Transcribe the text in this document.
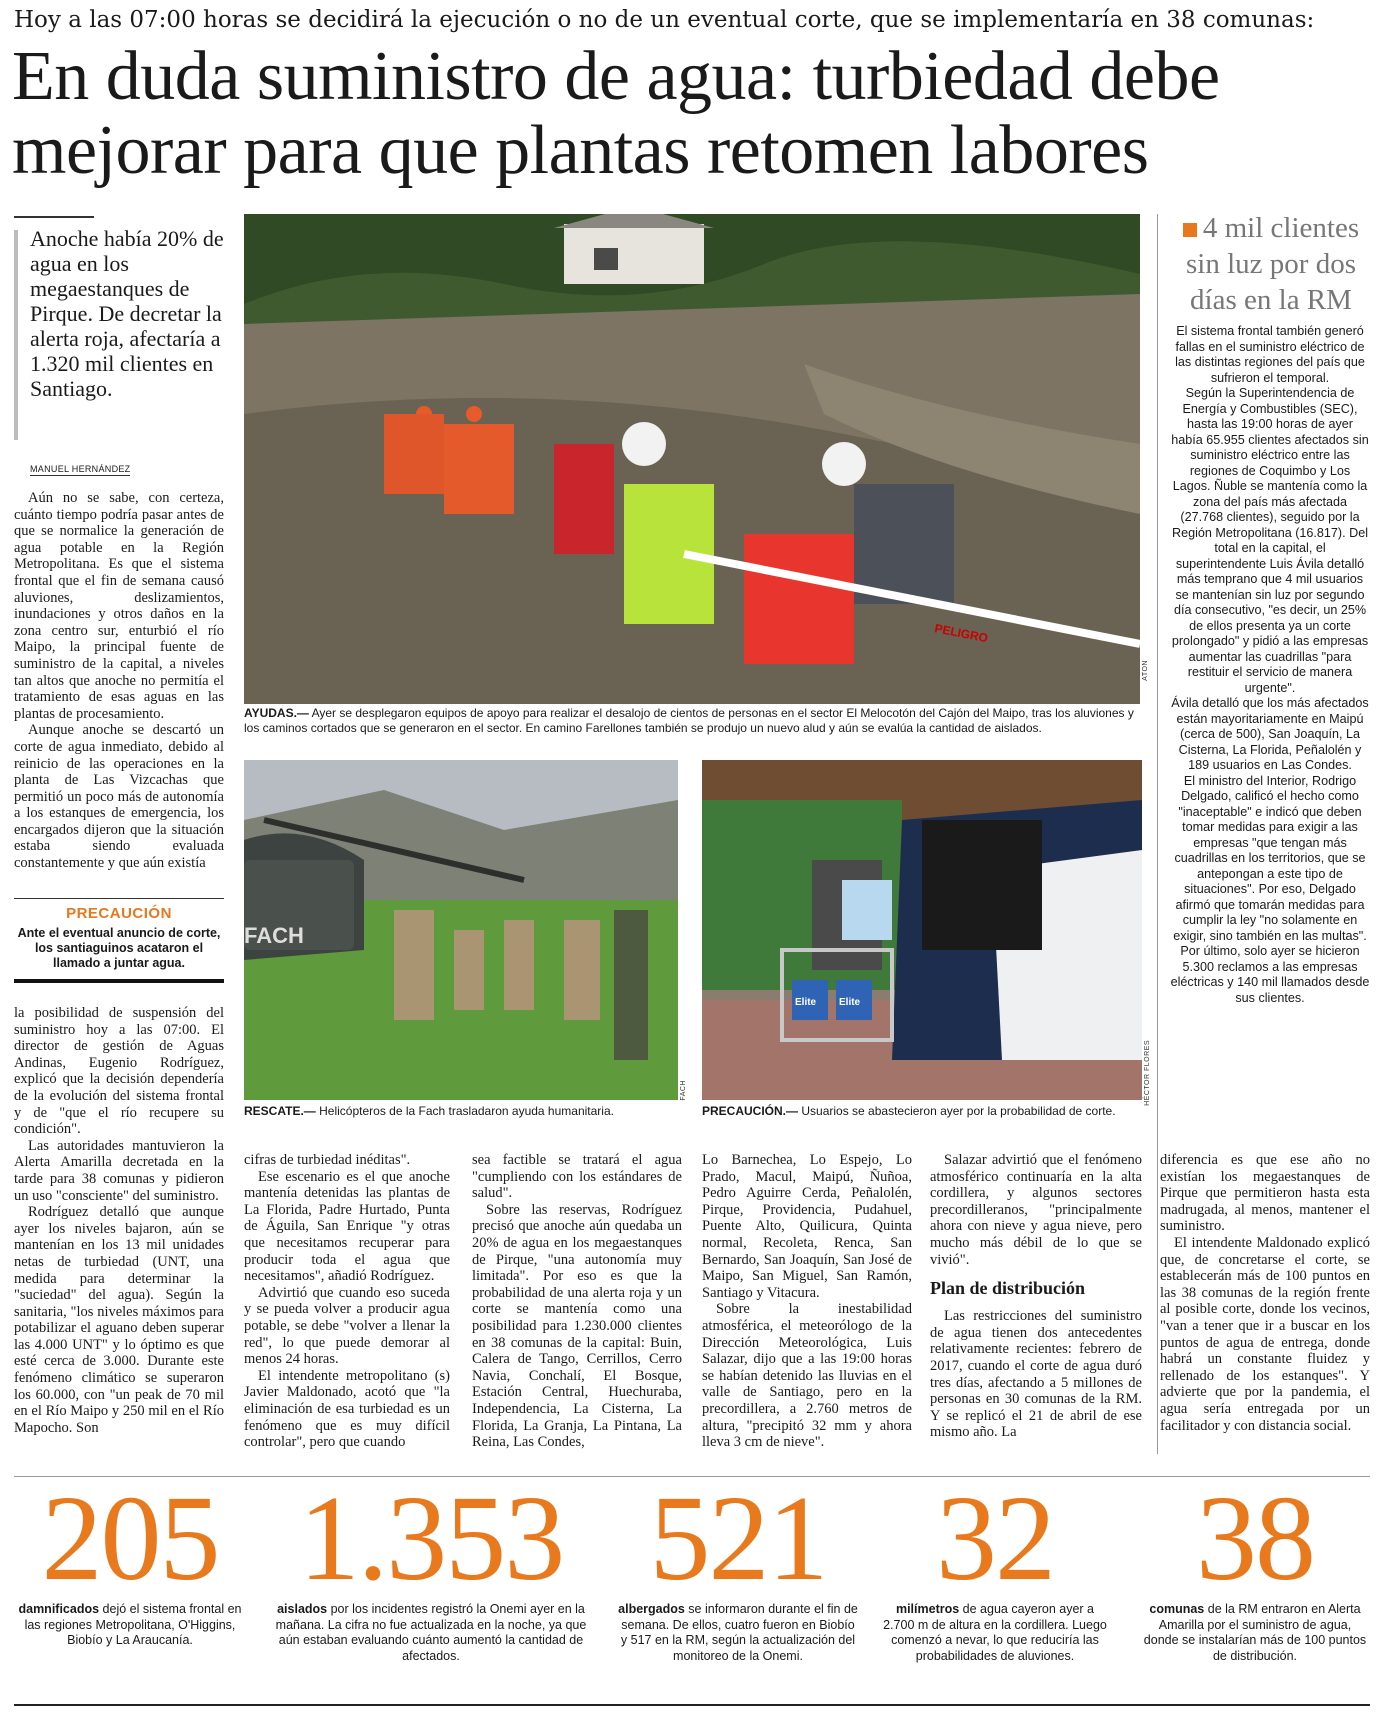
Hoy a las 07:00 horas se decidirá la ejecución o no de un eventual corte, que se implementaría en 38 comunas:
En duda suministro de agua: turbiedad debe mejorar para que plantas retomen labores
Anoche había 20% de agua en los megaestanques de Pirque. De decretar la alerta roja, afectaría a 1.320 mil clientes en Santiago.
MANUEL HERNÁNDEZ

Aún no se sabe, con certeza, cuánto tiempo podría pasar antes de que se normalice la generación de agua potable en la Región Metropolitana. Es que el sistema frontal que el fin de semana causó aluviones, deslizamientos, inundaciones y otros daños en la zona centro sur, enturbió el río Maipo, la principal fuente de suministro de la capital, a niveles tan altos que anoche no permitía el tratamiento de esas aguas en las plantas de procesamiento.

Aunque anoche se descartó un corte de agua inmediato, debido al reinicio de las operaciones en la planta de Las Vizcachas que permitió un poco más de autonomía a los estanques de emergencia, los encargados dijeron que la situación estaba siendo evaluada constantemente y que aún existía

PRECAUCIÓN
Ante el eventual anuncio de corte, los santiaguinos acataron el llamado a juntar agua.

la posibilidad de suspensión del suministro hoy a las 07:00. El director de gestión de Aguas Andinas, Eugenio Rodríguez, explicó que la decisión dependería de la evolución del sistema frontal y de "que el río recupere su condición".

Las autoridades mantuvieron la Alerta Amarilla decretada en la tarde para 38 comunas y pidieron un uso "consciente" del suministro.

Rodríguez detalló que aunque ayer los niveles bajaron, aún se mantenían en los 13 mil unidades netas de turbiedad (UNT, una medida para determinar la "suciedad" del agua). Según la sanitaria, "los niveles máximos para potabilizar el aguano deben superar las 4.000 UNT" y lo óptimo es que esté cerca de 3.000. Durante este fenómeno climático se superaron los 60.000, con "un peak de 70 mil en el Río Maipo y 250 mil en el Río Mapocho. Son

PELIGRO
ATON
AYUDAS.— Ayer se desplegaron equipos de apoyo para realizar el desalojo de cientos de personas en el sector El Melocotón del Cajón del Maipo, tras los aluviones y los caminos cortados que se generaron en el sector. En camino Farellones también se produjo un nuevo alud y aún se evalúa la cantidad de aislados.
FACH
FACH
RESCATE.— Helicópteros de la Fach trasladaron ayuda humanitaria.
Elite Elite
HÉCTOR FLORES
PRECAUCIÓN.— Usuarios se abastecieron ayer por la probabilidad de corte.

cifras de turbiedad inéditas".

Ese escenario es el que anoche mantenía detenidas las plantas de La Florida, Padre Hurtado, Punta de Águila, San Enrique "y otras que necesitamos recuperar para producir toda el agua que necesitamos", añadió Rodríguez.

Advirtió que cuando eso suceda y se pueda volver a producir agua potable, se debe "volver a llenar la red", lo que puede demorar al menos 24 horas.

El intendente metropolitano (s) Javier Maldonado, acotó que "la eliminación de esa turbiedad es un fenómeno que es muy difícil controlar", pero que cuando

sea factible se tratará el agua "cumpliendo con los estándares de salud".

Sobre las reservas, Rodríguez precisó que anoche aún quedaba un 20% de agua en los megaestanques de Pirque, "una autonomía muy limitada". Por eso es que la probabilidad de una alerta roja y un corte se mantenía como una posibilidad para 1.230.000 clientes en 38 comunas de la capital: Buin, Calera de Tango, Cerrillos, Cerro Navia, Conchalí, El Bosque, Estación Central, Huechuraba, Independencia, La Cisterna, La Florida, La Granja, La Pintana, La Reina, Las Condes,

Lo Barnechea, Lo Espejo, Lo Prado, Macul, Maipú, Ñuñoa, Pedro Aguirre Cerda, Peñalolén, Pirque, Providencia, Pudahuel, Puente Alto, Quilicura, Quinta normal, Recoleta, Renca, San Bernardo, San Joaquín, San José de Maipo, San Miguel, San Ramón, Santiago y Vitacura.

Sobre la inestabilidad atmosférica, el meteorólogo de la Dirección Meteorológica, Luis Salazar, dijo que a las 19:00 horas se habían detenido las lluvias en el valle de Santiago, pero en la precordillera, a 2.760 metros de altura, "precipitó 32 mm y ahora lleva 3 cm de nieve".

Salazar advirtió que el fenómeno atmosférico continuaría en la alta cordillera, y algunos sectores precordilleranos, "principalmente ahora con nieve y agua nieve, pero mucho más débil de lo que se vivió".

Plan de distribución

Las restricciones del suministro de agua tienen dos antecedentes relativamente recientes: febrero de 2017, cuando el corte de agua duró tres días, afectando a 5 millones de personas en 30 comunas de la RM. Y se replicó el 21 de abril de ese mismo año. La

diferencia es que ese año no existían los megaestanques de Pirque que permitieron hasta esta madrugada, al menos, mantener el suministro.

El intendente Maldonado explicó que, de concretarse el corte, se establecerán más de 100 puntos en las 38 comunas de la región frente al posible corte, donde los vecinos, "van a tener que ir a buscar en los puntos de agua de entrega, donde habrá un constante fluidez y rellenado de los estanques". Y advierte que por la pandemia, el agua sería entregada por un facilitador y con distancia social.

4 mil clientes sin luz por dos días en la RM

El sistema frontal también generó fallas en el suministro eléctrico de las distintas regiones del país que sufrieron el temporal.

Según la Superintendencia de Energía y Combustibles (SEC), hasta las 19:00 horas de ayer había 65.955 clientes afectados sin suministro eléctrico entre las regiones de Coquimbo y Los Lagos. Ñuble se mantenía como la zona del país más afectada (27.768 clientes), seguido por la Región Metropolitana (16.817). Del total en la capital, el superintendente Luis Ávila detalló más temprano que 4 mil usuarios se mantenían sin luz por segundo día consecutivo, "es decir, un 25% de ellos presenta ya un corte prolongado" y pidió a las empresas aumentar las cuadrillas "para restituir el servicio de manera urgente".

Ávila detalló que los más afectados están mayoritariamente en Maipú (cerca de 500), San Joaquín, La Cisterna, La Florida, Peñalolén y 189 usuarios en Las Condes.

El ministro del Interior, Rodrigo Delgado, calificó el hecho como "inaceptable" e indicó que deben tomar medidas para exigir a las empresas "que tengan más cuadrillas en los territorios, que se antepongan a este tipo de situaciones". Por eso, Delgado afirmó que tomarán medidas para cumplir la ley "no solamente en exigir, sino también en las multas".

Por último, solo ayer se hicieron 5.300 reclamos a las empresas eléctricas y 140 mil llamados desde sus clientes.

205
damnificados dejó el sistema frontal en las regiones Metropolitana, O'Higgins, Biobío y La Araucanía.
1.353
aislados por los incidentes registró la Onemi ayer en la mañana. La cifra no fue actualizada en la noche, ya que aún estaban evaluando cuánto aumentó la cantidad de afectados.
521
albergados se informaron durante el fin de semana. De ellos, cuatro fueron en Biobío y 517 en la RM, según la actualización del monitoreo de la Onemi.
32
milímetros de agua cayeron ayer a 2.700 m de altura en la cordillera. Luego comenzó a nevar, lo que reduciría las probabilidades de aluviones.
38
comunas de la RM entraron en Alerta Amarilla por el suministro de agua, donde se instalarían más de 100 puntos de distribución.
